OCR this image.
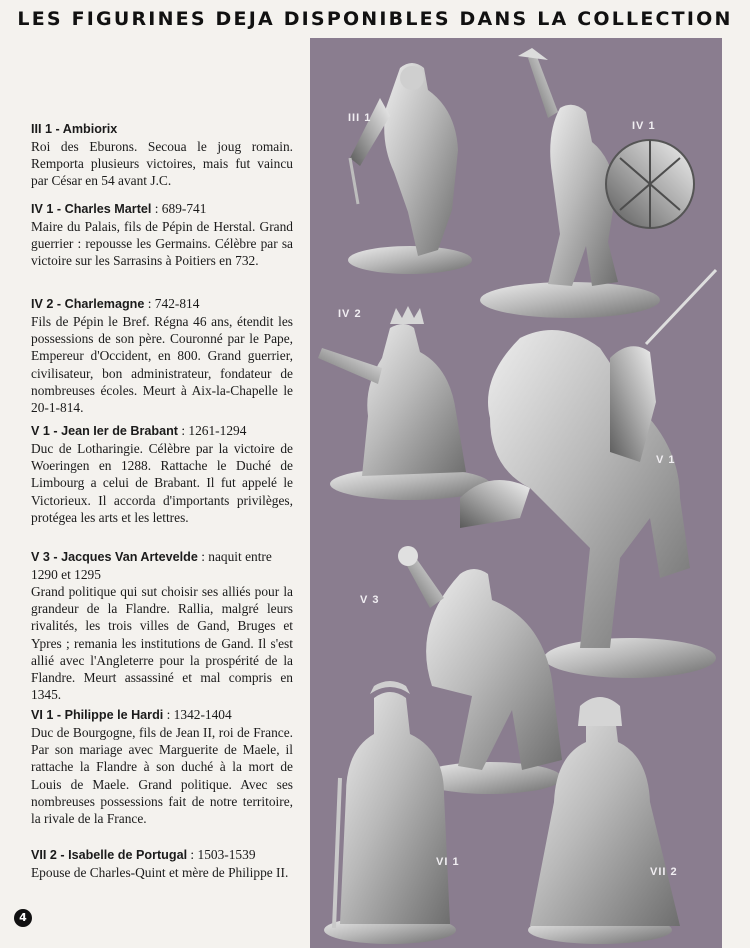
LES FIGURINES DEJA DISPONIBLES DANS LA COLLECTION
III 1 - Ambiorix
Roi des Eburons. Secoua le joug romain. Remporta plusieurs victoires, mais fut vaincu par César en 54 avant J.C.
IV 1 - Charles Martel : 689-741
Maire du Palais, fils de Pépin de Herstal. Grand guerrier : repousse les Germains. Célèbre par sa victoire sur les Sarrasins à Poitiers en 732.
IV 2 - Charlemagne : 742-814
Fils de Pépin le Bref. Régna 46 ans, étendit les possessions de son père. Couronné par le Pape, Empereur d'Occident, en 800. Grand guerrier, civilisateur, bon administrateur, fondateur de nombreuses écoles. Meurt à Aix-la-Chapelle le 20-1-814.
V 1 - Jean Ier de Brabant : 1261-1294
Duc de Lotharingie. Célèbre par la victoire de Woeringen en 1288. Rattache le Duché de Limbourg a celui de Brabant. Il fut appelé le Victorieux. Il accorda d'importants privilèges, protégea les arts et les lettres.
V 3 - Jacques Van Artevelde : naquit entre 1290 et 1295
Grand politique qui sut choisir ses alliés pour la grandeur de la Flandre. Rallia, malgré leurs rivalités, les trois villes de Gand, Bruges et Ypres ; remania les institutions de Gand. Il s'est allié avec l'Angleterre pour la prospérité de la Flandre. Meurt assassiné et mal compris en 1345.
VI 1 - Philippe le Hardi : 1342-1404
Duc de Bourgogne, fils de Jean II, roi de France. Par son mariage avec Marguerite de Maele, il rattache la Flandre à son duché à la mort de Louis de Maele. Grand politique. Avec ses nombreuses possessions fait de notre territoire, la rivale de la France.
VII 2 - Isabelle de Portugal : 1503-1539
Epouse de Charles-Quint et mère de Philippe II.
III 1
IV 1
IV 2
V 1
V 3
VI 1
VII 2
4
